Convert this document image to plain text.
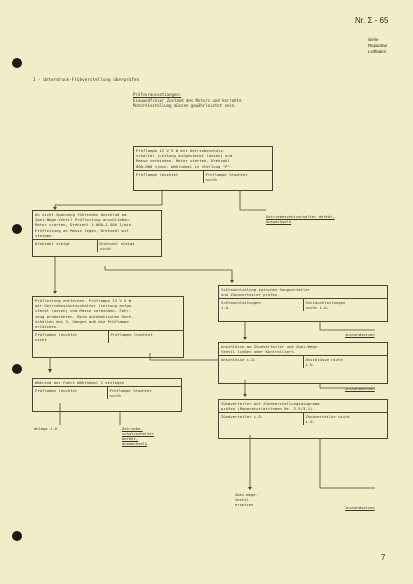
Nr. Σ - 65
siehe
Reparatur
Leitfaden
I - Unterdruck-Frühverstellung überprüfen
Prüfvoraussetzungen:
Einwandfreier Zustand des Motors und korrekte
Motoreinstellung müssen gewährleistet sein.
Prüflampe 12 V 5 W mit Getriebeschutz-
schalter (Leitung aufgesteckt lassen) und
Masse verbinden. Motor starten, Drehzahl
800–900 1/min. Wählhebel in Stellung "P".
Prüflampe leuchtet	Prüflampe leuchtet
nicht
Getriebeschutzschalter defekt,
auswechseln
An nicht Spannung führenden Anschluß am
Zwei-Wege-Ventil Prüfleitung anschließen.
Motor starten, Drehzahl 1.000–1.500 1/min.
Prüfleitung an Masse legen, Drehzahl mit
steigen.
Drehzahl steigt	Drehzahl steigt
nicht
Prüfleitung entfernen. Prüflampe 12 V 5 W
mit Getriebeschutzschalter (Leitung aufge-
steckt lassen) und Masse verbinden. Fahr-
zeug probefahren. Beim automatischen Hoch-
schalten des 3. Ganges muß die Prüflampe
erlöschen.
Prüflampe leuchtet
nicht
Prüflampe leuchtet
Während der Fahrt Wählhebel 2 einlegen
Prüflampe leuchtet	Prüflampe leuchtet
nicht
Anlage i.O.	Getriebe-
schutzschalter
defekt,
auswechseln
Schlauchleitung zwischen Saugverteiler
und Zündverteiler prüfen.
Schlauchleitungen
i.O.
Schlauchleitungen
nicht i.O.
instandsetzen
Anschlüsse am Zündverteiler und Zwei-Wege-
Ventil ließen oder Kontrolliert.
Anschlüsse i.O.	Anschlüsse nicht
i.O.
instandsetzen
Zündverteiler auf Zündverstellungsdiagramm
prüfen (Reparaturleitfaden Nr. 2.5/3-1).
Zündverteiler i.O.	Zündverteiler nicht
i.O.
Zwei-Wege-
Ventil
ersetzen
instandsetzen
7
